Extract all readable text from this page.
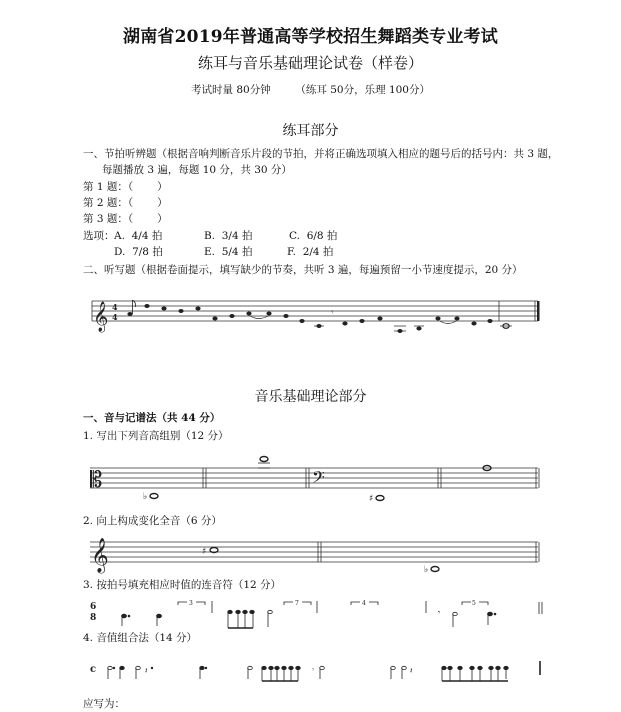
湖南省2019年普通高等学校招生舞蹈类专业考试
练耳与音乐基础理论试卷（样卷）
考试时量 80分钟 （练耳 50分，乐理 100分）
练耳部分
一、节拍听辨题（根据音响判断音乐片段的节拍，并将正确选项填入相应的题号后的括号内：共 3 题，
每题播放 3 遍，每题 10 分，共 30 分）
第 1 题：（ ）
第 2 题：（ ）
第 3 题：（ ）
选项： A. 4/4 拍	B. 3/4 拍	C. 6/8 拍
D. 7/8 拍	E. 5/4 拍	F. 2/4 拍
二、听写题（根据卷面提示，填写缺少的节奏，共听 3 遍，每遍预留一小节速度提示，20 分）
𝄞 4
4	𝄾
音乐基础理论部分
一、音与记谱法（共 44 分）
1. 写出下列音高组别（12 分）
𝄡
♭
𝄢
♯
2. 向上构成变化全音（6 分）
𝄞	♯
♭
3. 按拍号填充相应时值的连音符（12 分）
6
8
3	7	4
𝄾
5
4. 音值组合法（14 分）
c	𝄽	𝄾	𝄽
应写为：
